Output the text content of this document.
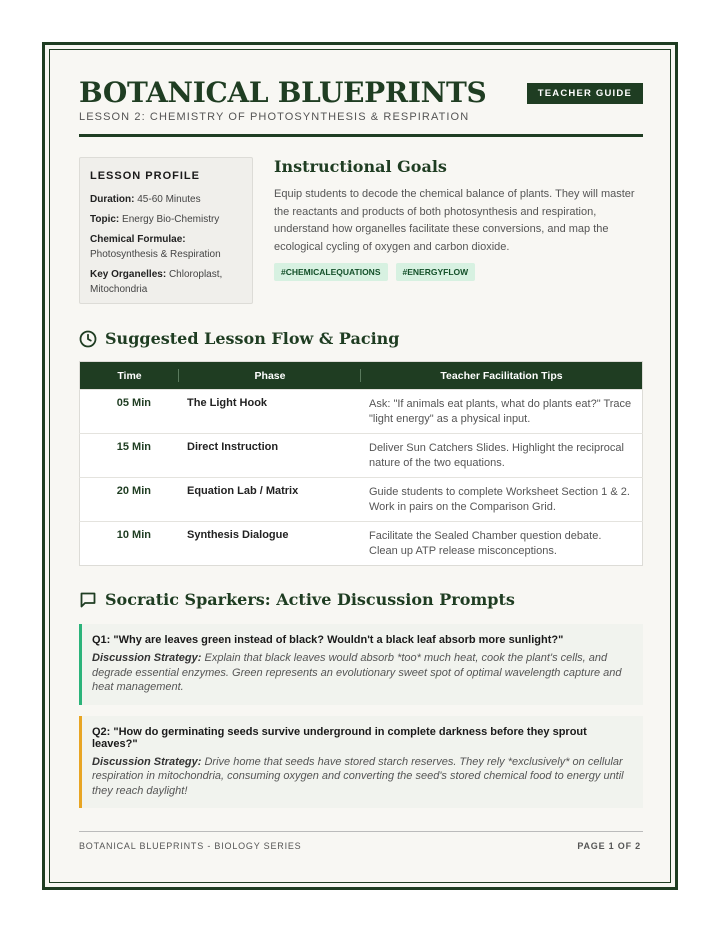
BOTANICAL BLUEPRINTS
LESSON 2: CHEMISTRY OF PHOTOSYNTHESIS & RESPIRATION
TEACHER GUIDE
LESSON PROFILE
Duration: 45-60 Minutes
Topic: Energy Bio-Chemistry
Chemical Formulae:
Photosynthesis & Respiration
Key Organelles: Chloroplast, Mitochondria
Instructional Goals

Equip students to decode the chemical balance of plants. They will master the reactants and products of both photosynthesis and respiration, understand how organelles facilitate these conversions, and map the ecological cycling of oxygen and carbon dioxide.

#CHEMICALEQUATIONS	#ENERGYFLOW
Suggested Lesson Flow & Pacing
Time	Phase	Teacher Facilitation Tips
05 Min	The Light Hook	Ask: "If animals eat plants, what do plants eat?" Trace "light energy" as a physical input.
15 Min	Direct Instruction	Deliver Sun Catchers Slides. Highlight the reciprocal nature of the two equations.
20 Min	Equation Lab / Matrix	Guide students to complete Worksheet Section 1 & 2. Work in pairs on the Comparison Grid.
10 Min	Synthesis Dialogue	Facilitate the Sealed Chamber question debate. Clean up ATP release misconceptions.
Socratic Sparkers: Active Discussion Prompts

Q1: "Why are leaves green instead of black? Wouldn't a black leaf absorb more sunlight?"

Discussion Strategy: Explain that black leaves would absorb *too* much heat, cook the plant's cells, and degrade essential enzymes. Green represents an evolutionary sweet spot of optimal wavelength capture and heat management.

Q2: "How do germinating seeds survive underground in complete darkness before they sprout leaves?"

Discussion Strategy: Drive home that seeds have stored starch reserves. They rely *exclusively* on cellular respiration in mitochondria, consuming oxygen and converting the seed's stored chemical food to energy until they reach daylight!

BOTANICAL BLUEPRINTS - BIOLOGY SERIES	PAGE 1 OF 2
